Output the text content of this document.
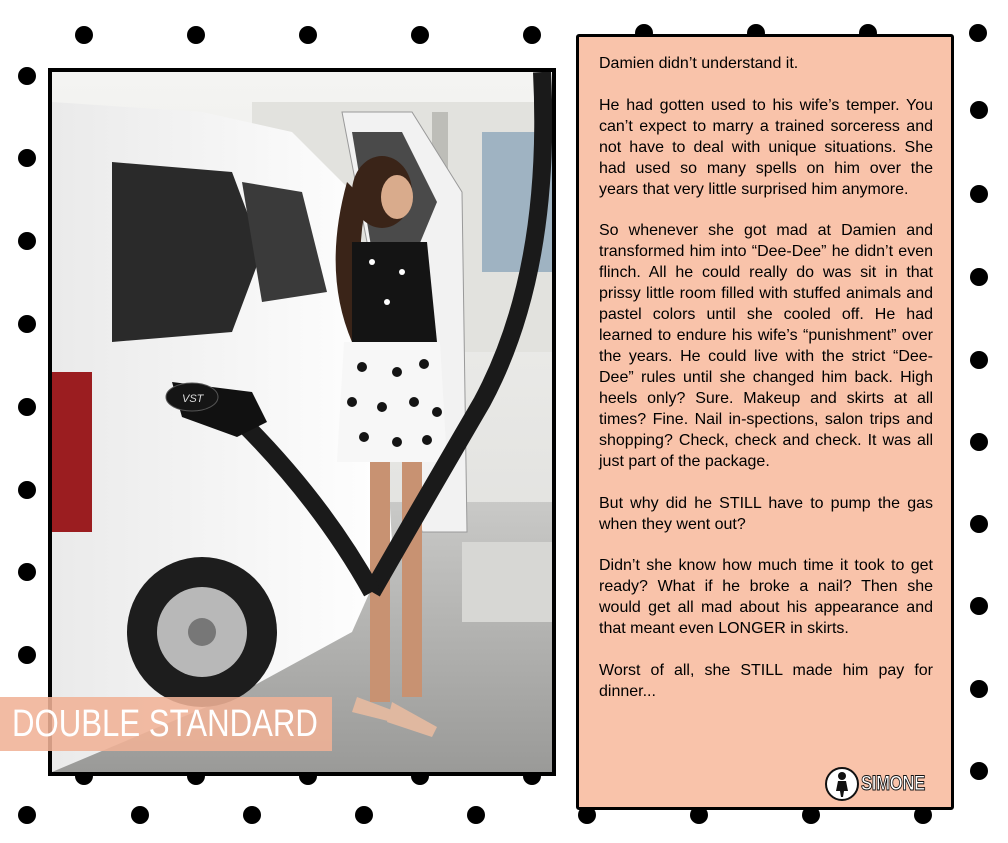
VST
DOUBLE STANDARD

Damien didn’t understand it.

He had gotten used to his wife’s temper. You can’t expect to marry a trained sorceress and not have to deal with unique situations. She had used so many spells on him over the years that very little surprised him anymore.

So whenever she got mad at Damien and transformed him into “Dee-Dee” he didn’t even flinch. All he could really do was sit in that prissy little room filled with stuffed animals and pastel colors until she cooled off. He had learned to endure his wife’s “punishment” over the years. He could live with the strict “Dee-Dee” rules until she changed him back. High heels only? Sure. Makeup and skirts at all times? Fine. Nail in-spections, salon trips and shopping? Check, check and check. It was all just part of the package.

But why did he STILL have to pump the gas when they went out?

Didn’t she know how much time it took to get ready? What if he broke a nail? Then she would get all mad about his appearance and that meant even LONGER in skirts.

Worst of all, she STILL made him pay for dinner...

SIMONE
